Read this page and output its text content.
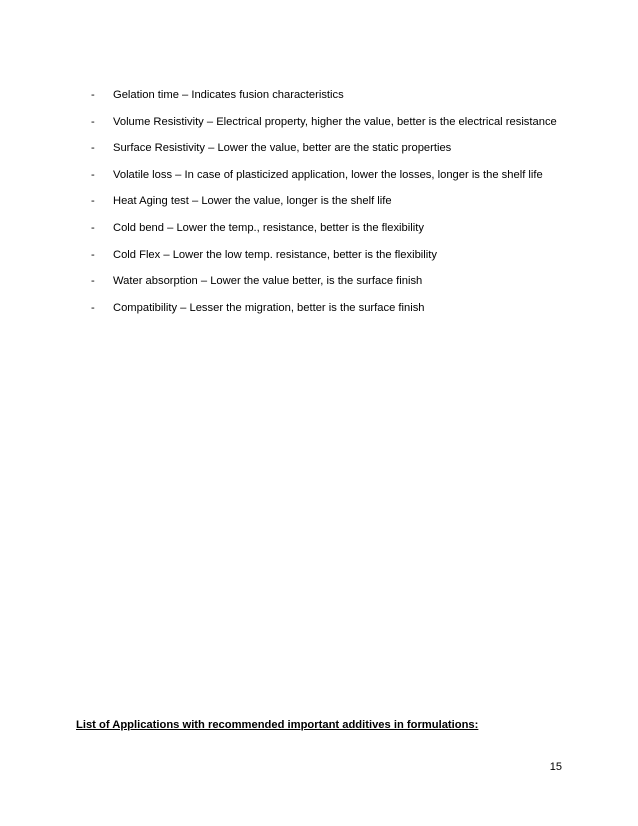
-	Gelation time – Indicates fusion characteristics
-	Volume Resistivity – Electrical property, higher the value, better is the electrical resistance
-	Surface Resistivity – Lower the value, better are the static properties
-	Volatile loss – In case of plasticized application, lower the losses, longer is the shelf life
-	Heat Aging test – Lower the value, longer is the shelf life
-	Cold bend – Lower the temp., resistance, better is the flexibility
-	Cold Flex – Lower the low temp. resistance, better is the flexibility
-	Water absorption – Lower the value better, is the surface finish
-	Compatibility – Lesser the migration, better is the surface finish
List of Applications with recommended important additives in formulations:
15
